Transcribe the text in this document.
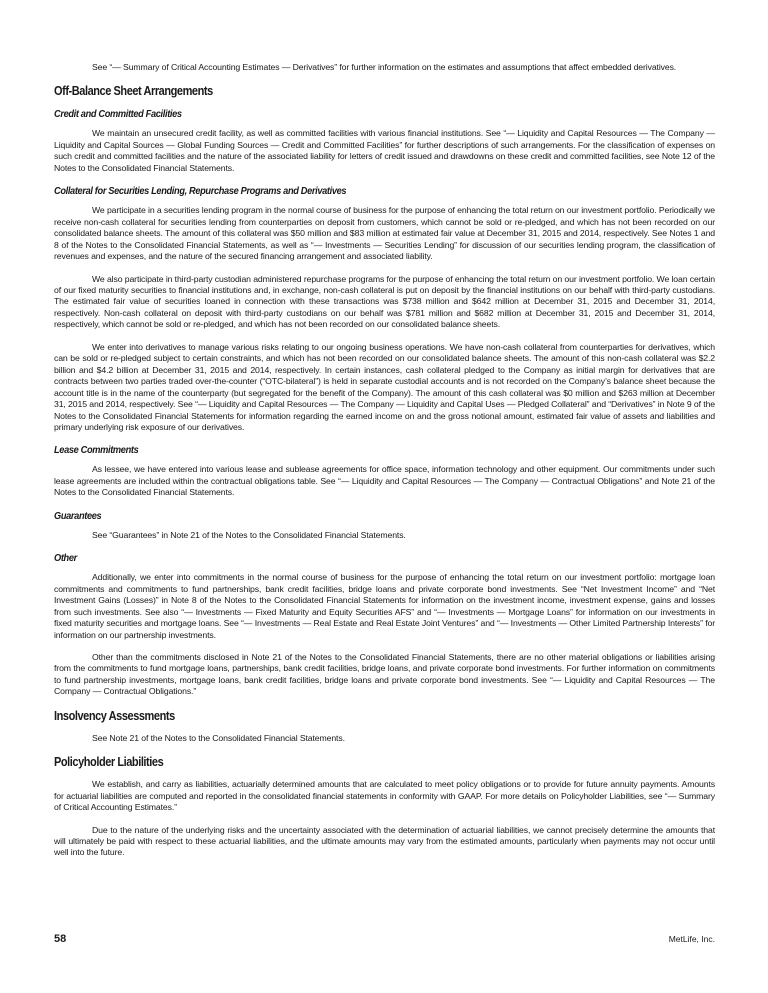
See “— Summary of Critical Accounting Estimates — Derivatives” for further information on the estimates and assumptions that affect embedded derivatives.

Off-Balance Sheet Arrangements
Credit and Committed Facilities

We maintain an unsecured credit facility, as well as committed facilities with various financial institutions. See “— Liquidity and Capital Resources — The Company — Liquidity and Capital Sources — Global Funding Sources — Credit and Committed Facilities” for further descriptions of such arrangements. For the classification of expenses on such credit and committed facilities and the nature of the associated liability for letters of credit issued and drawdowns on these credit and committed facilities, see Note 12 of the Notes to the Consolidated Financial Statements.

Collateral for Securities Lending, Repurchase Programs and Derivatives

We participate in a securities lending program in the normal course of business for the purpose of enhancing the total return on our investment portfolio. Periodically we receive non-cash collateral for securities lending from counterparties on deposit from customers, which cannot be sold or re-pledged, and which has not been recorded on our consolidated balance sheets. The amount of this collateral was $50 million and $83 million at estimated fair value at December 31, 2015 and 2014, respectively. See Notes 1 and 8 of the Notes to the Consolidated Financial Statements, as well as “— Investments — Securities Lending” for discussion of our securities lending program, the classification of revenues and expenses, and the nature of the secured financing arrangement and associated liability.

We also participate in third-party custodian administered repurchase programs for the purpose of enhancing the total return on our investment portfolio. We loan certain of our fixed maturity securities to financial institutions and, in exchange, non-cash collateral is put on deposit by the financial institutions on our behalf with third-party custodians. The estimated fair value of securities loaned in connection with these transactions was $738 million and $642 million at December 31, 2015 and December 31, 2014, respectively. Non-cash collateral on deposit with third-party custodians on our behalf was $781 million and $682 million at December 31, 2015 and December 31, 2014, respectively, which cannot be sold or re-pledged, and which has not been recorded on our consolidated balance sheets.

We enter into derivatives to manage various risks relating to our ongoing business operations. We have non-cash collateral from counterparties for derivatives, which can be sold or re-pledged subject to certain constraints, and which has not been recorded on our consolidated balance sheets. The amount of this non-cash collateral was $2.2 billion and $4.2 billion at December 31, 2015 and 2014, respectively. In certain instances, cash collateral pledged to the Company as initial margin for derivatives that are contracts between two parties traded over-the-counter (“OTC-bilateral”) is held in separate custodial accounts and is not recorded on the Company’s balance sheet because the account title is in the name of the counterparty (but segregated for the benefit of the Company). The amount of this cash collateral was $0 million and $263 million at December 31, 2015 and 2014, respectively. See “— Liquidity and Capital Resources — The Company — Liquidity and Capital Uses — Pledged Collateral” and “Derivatives” in Note 9 of the Notes to the Consolidated Financial Statements for information regarding the earned income on and the gross notional amount, estimated fair value of assets and liabilities and primary underlying risk exposure of our derivatives.

Lease Commitments

As lessee, we have entered into various lease and sublease agreements for office space, information technology and other equipment. Our commitments under such lease agreements are included within the contractual obligations table. See “— Liquidity and Capital Resources — The Company — Contractual Obligations” and Note 21 of the Notes to the Consolidated Financial Statements.

Guarantees

See “Guarantees” in Note 21 of the Notes to the Consolidated Financial Statements.

Other

Additionally, we enter into commitments in the normal course of business for the purpose of enhancing the total return on our investment portfolio: mortgage loan commitments and commitments to fund partnerships, bank credit facilities, bridge loans and private corporate bond investments. See “Net Investment Income” and “Net Investment Gains (Losses)” in Note 8 of the Notes to the Consolidated Financial Statements for information on the investment income, investment expense, gains and losses from such investments. See also “— Investments — Fixed Maturity and Equity Securities AFS” and “— Investments — Mortgage Loans” for information on our investments in fixed maturity securities and mortgage loans. See “— Investments — Real Estate and Real Estate Joint Ventures” and “— Investments — Other Limited Partnership Interests” for information on our partnership investments.

Other than the commitments disclosed in Note 21 of the Notes to the Consolidated Financial Statements, there are no other material obligations or liabilities arising from the commitments to fund mortgage loans, partnerships, bank credit facilities, bridge loans, and private corporate bond investments. For further information on commitments to fund partnership investments, mortgage loans, bank credit facilities, bridge loans and private corporate bond investments. See “— Liquidity and Capital Resources — The Company — Contractual Obligations.”

Insolvency Assessments

See Note 21 of the Notes to the Consolidated Financial Statements.

Policyholder Liabilities

We establish, and carry as liabilities, actuarially determined amounts that are calculated to meet policy obligations or to provide for future annuity payments. Amounts for actuarial liabilities are computed and reported in the consolidated financial statements in conformity with GAAP. For more details on Policyholder Liabilities, see “— Summary of Critical Accounting Estimates.”

Due to the nature of the underlying risks and the uncertainty associated with the determination of actuarial liabilities, we cannot precisely determine the amounts that will ultimately be paid with respect to these actuarial liabilities, and the ultimate amounts may vary from the estimated amounts, particularly when payments may not occur until well into the future.

58	MetLife, Inc.
